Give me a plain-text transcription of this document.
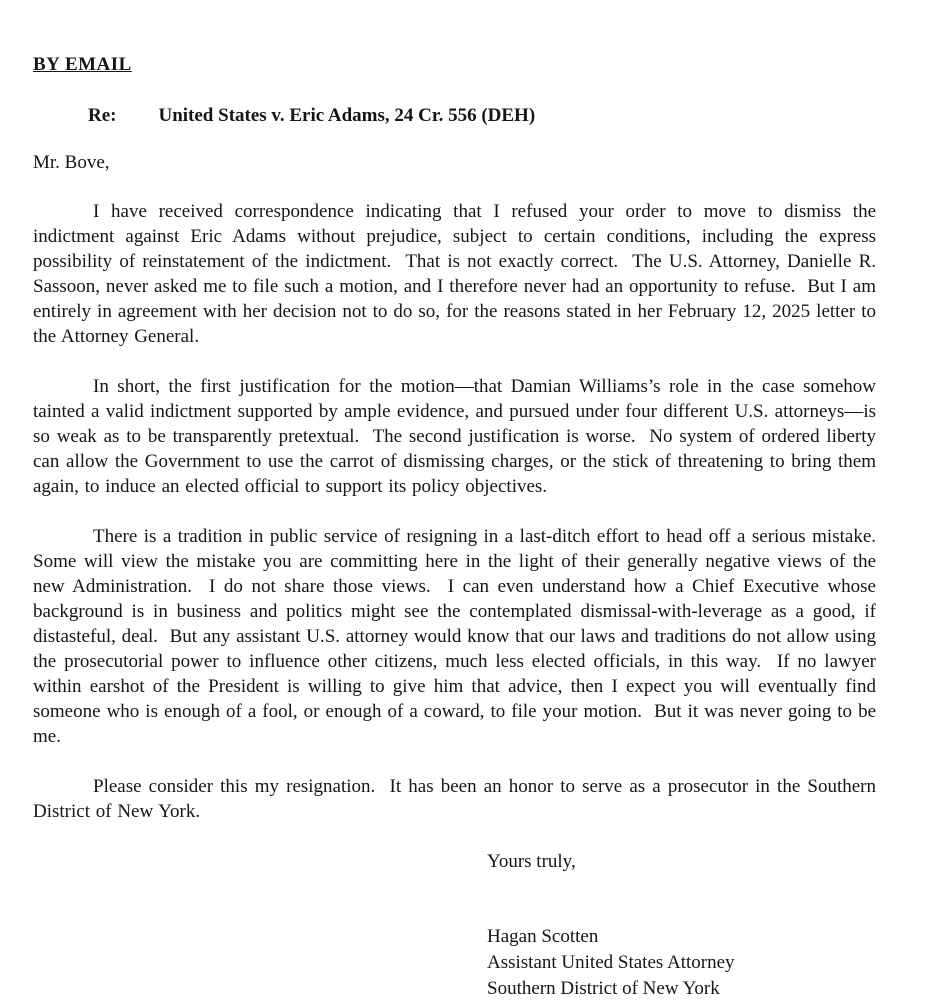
BY EMAIL

Re: United States v. Eric Adams, 24 Cr. 556 (DEH)

Mr. Bove,

I have received correspondence indicating that I refused your order to move to dismiss the indictment against Eric Adams without prejudice, subject to certain conditions, including the express possibility of reinstatement of the indictment.  That is not exactly correct.  The U.S. Attorney, Danielle R. Sassoon, never asked me to file such a motion, and I therefore never had an opportunity to refuse.  But I am entirely in agreement with her decision not to do so, for the reasons stated in her February 12, 2025 letter to the Attorney General.

In short, the first justification for the motion—that Damian Williams’s role in the case somehow tainted a valid indictment supported by ample evidence, and pursued under four different U.S. attorneys—is so weak as to be transparently pretextual.  The second justification is worse.  No system of ordered liberty can allow the Government to use the carrot of dismissing charges, or the stick of threatening to bring them again, to induce an elected official to support its policy objectives.

There is a tradition in public service of resigning in a last-ditch effort to head off a serious mistake.  Some will view the mistake you are committing here in the light of their generally negative views of the new Administration.  I do not share those views.  I can even understand how a Chief Executive whose background is in business and politics might see the contemplated dismissal-with-leverage as a good, if distasteful, deal.  But any assistant U.S. attorney would know that our laws and traditions do not allow using the prosecutorial power to influence other citizens, much less elected officials, in this way.  If no lawyer within earshot of the President is willing to give him that advice, then I expect you will eventually find someone who is enough of a fool, or enough of a coward, to file your motion.  But it was never going to be me.

Please consider this my resignation.  It has been an honor to serve as a prosecutor in the Southern District of New York.

Yours truly,

Hagan Scotten

Assistant United States Attorney

Southern District of New York
